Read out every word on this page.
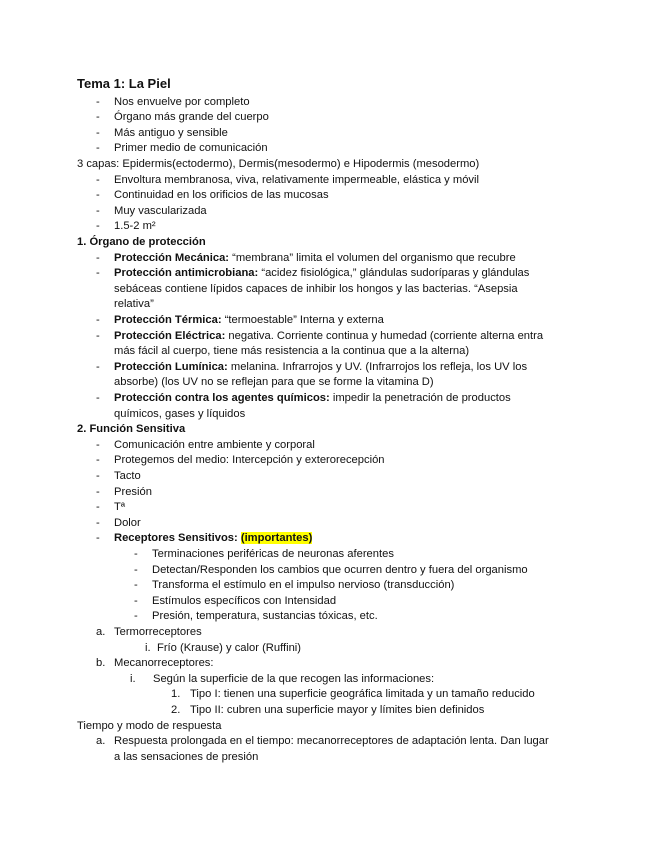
Tema 1: La Piel
- Nos envuelve por completo
- Órgano más grande del cuerpo
- Más antiguo y sensible
- Primer medio de comunicación
3 capas: Epidermis(ectodermo), Dermis(mesodermo) e Hipodermis (mesodermo)
- Envoltura membranosa, viva, relativamente impermeable, elástica y móvil
- Continuidad en los orificios de las mucosas
- Muy vascularizada
- 1.5-2 m²
1. Órgano de protección
- Protección Mecánica: “membrana” limita el volumen del organismo que recubre
- Protección antimicrobiana: “acidez fisiológica,” glándulas sudoríparas y glándulas
sebáceas contiene lípidos capaces de inhibir los hongos y las bacterias. “Asepsia
relativa”
- Protección Térmica: “termoestable” Interna y externa
- Protección Eléctrica: negativa. Corriente continua y humedad (corriente alterna entra
más fácil al cuerpo, tiene más resistencia a la continua que a la alterna)
- Protección Lumínica: melanina. Infrarrojos y UV. (Infrarrojos los refleja, los UV los
absorbe) (los UV no se reflejan para que se forme la vitamina D)
- Protección contra los agentes químicos: impedir la penetración de productos
químicos, gases y líquidos
2. Función Sensitiva
- Comunicación entre ambiente y corporal
- Protegemos del medio: Intercepción y exterorecepción
- Tacto
- Presión
- Tª
- Dolor
- Receptores Sensitivos: (importantes)
- Terminaciones periféricas de neuronas aferentes
- Detectan/Responden los cambios que ocurren dentro y fuera del organismo
- Transforma el estímulo en el impulso nervioso (transducción)
- Estímulos específicos con Intensidad
- Presión, temperatura, sustancias tóxicas, etc.
a. Termorreceptores
i. Frío (Krause) y calor (Ruffini)
b. Mecanorreceptores:
i. Según la superficie de la que recogen las informaciones:
1. Tipo I: tienen una superficie geográfica limitada y un tamaño reducido
2. Tipo II: cubren una superficie mayor y límites bien definidos
Tiempo y modo de respuesta
a. Respuesta prolongada en el tiempo: mecanorreceptores de adaptación lenta. Dan lugar
a las sensaciones de presión
